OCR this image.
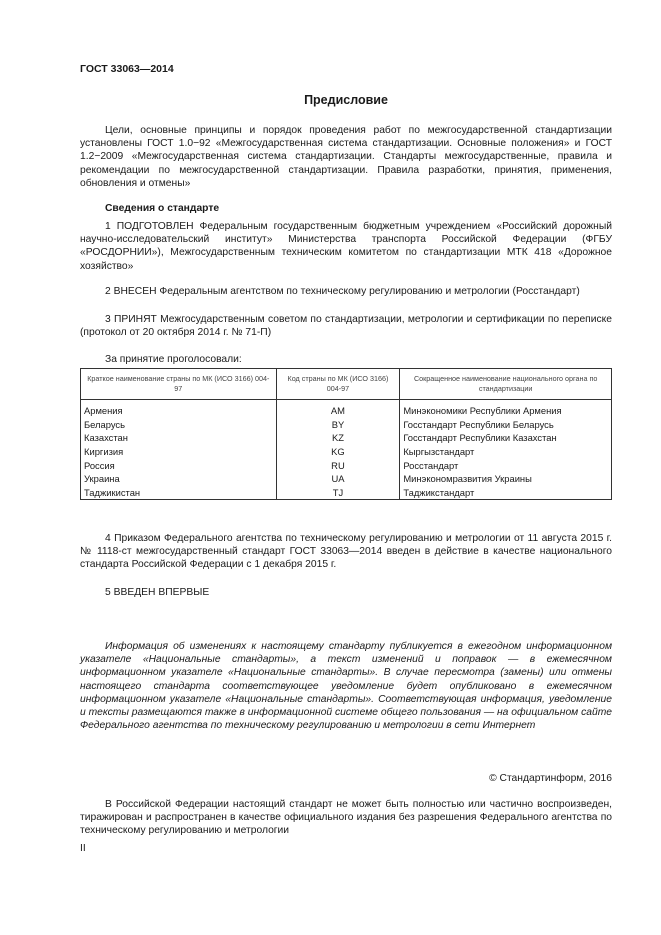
ГОСТ 33063—2014
Предисловие
Цели, основные принципы и порядок проведения работ по межгосударственной стандартизации установлены ГОСТ 1.0−92 «Межгосударственная система стандартизации. Основные положения» и ГОСТ 1.2−2009 «Межгосударственная система стандартизации. Стандарты межгосударственные, правила и рекомендации по межгосударственной стандартизации. Правила разработки, принятия, применения, обновления и отмены»
Сведения о стандарте
1 ПОДГОТОВЛЕН Федеральным государственным бюджетным учреждением «Российский дорожный научно-исследовательский институт» Министерства транспорта Российской Федерации (ФГБУ «РОСДОРНИИ»), Межгосударственным техническим комитетом по стандартизации МТК 418 «Дорожное хозяйство»
2 ВНЕСЕН Федеральным агентством по техническому регулированию и метрологии (Росстандарт)
3 ПРИНЯТ Межгосударственным советом по стандартизации, метрологии и сертификации по переписке (протокол от 20 октября 2014 г. № 71-П)
За принятие проголосовали:
Краткое наименование страны по МК (ИСО 3166) 004-97	Код страны по МК (ИСО 3166) 004-97	Сокращенное наименование национального органа по стандартизации
Армения	AM	Минэкономики Республики Армения
Беларусь	BY	Госстандарт Республики Беларусь
Казахстан	KZ	Госстандарт Республики Казахстан
Киргизия	KG	Кыргызстандарт
Россия	RU	Росстандарт
Украина	UA	Минэкономразвития Украины
Таджикистан	TJ	Таджикстандарт
4 Приказом Федерального агентства по техническому регулированию и метрологии от 11 августа 2015 г. № 1118-ст межгосударственный стандарт ГОСТ 33063—2014 введен в действие в качестве национального стандарта Российской Федерации с 1 декабря 2015 г.
5 ВВЕДЕН ВПЕРВЫЕ
Информация об изменениях к настоящему стандарту публикуется в ежегодном информационном указателе «Национальные стандарты», а текст изменений и поправок — в ежемесячном информационном указателе «Национальные стандарты». В случае пересмотра (замены) или отмены настоящего стандарта соответствующее уведомление будет опубликовано в ежемесячном информационном указателе «Национальные стандарты». Соответствующая информация, уведомление и тексты размещаются также в информационной системе общего пользования — на официальном сайте Федерального агентства по техническому регулированию и метрологии в сети Интернет
© Стандартинформ, 2016
В Российской Федерации настоящий стандарт не может быть полностью или частично воспроизведен, тиражирован и распространен в качестве официального издания без разрешения Федерального агентства по техническому регулированию и метрологии
II
